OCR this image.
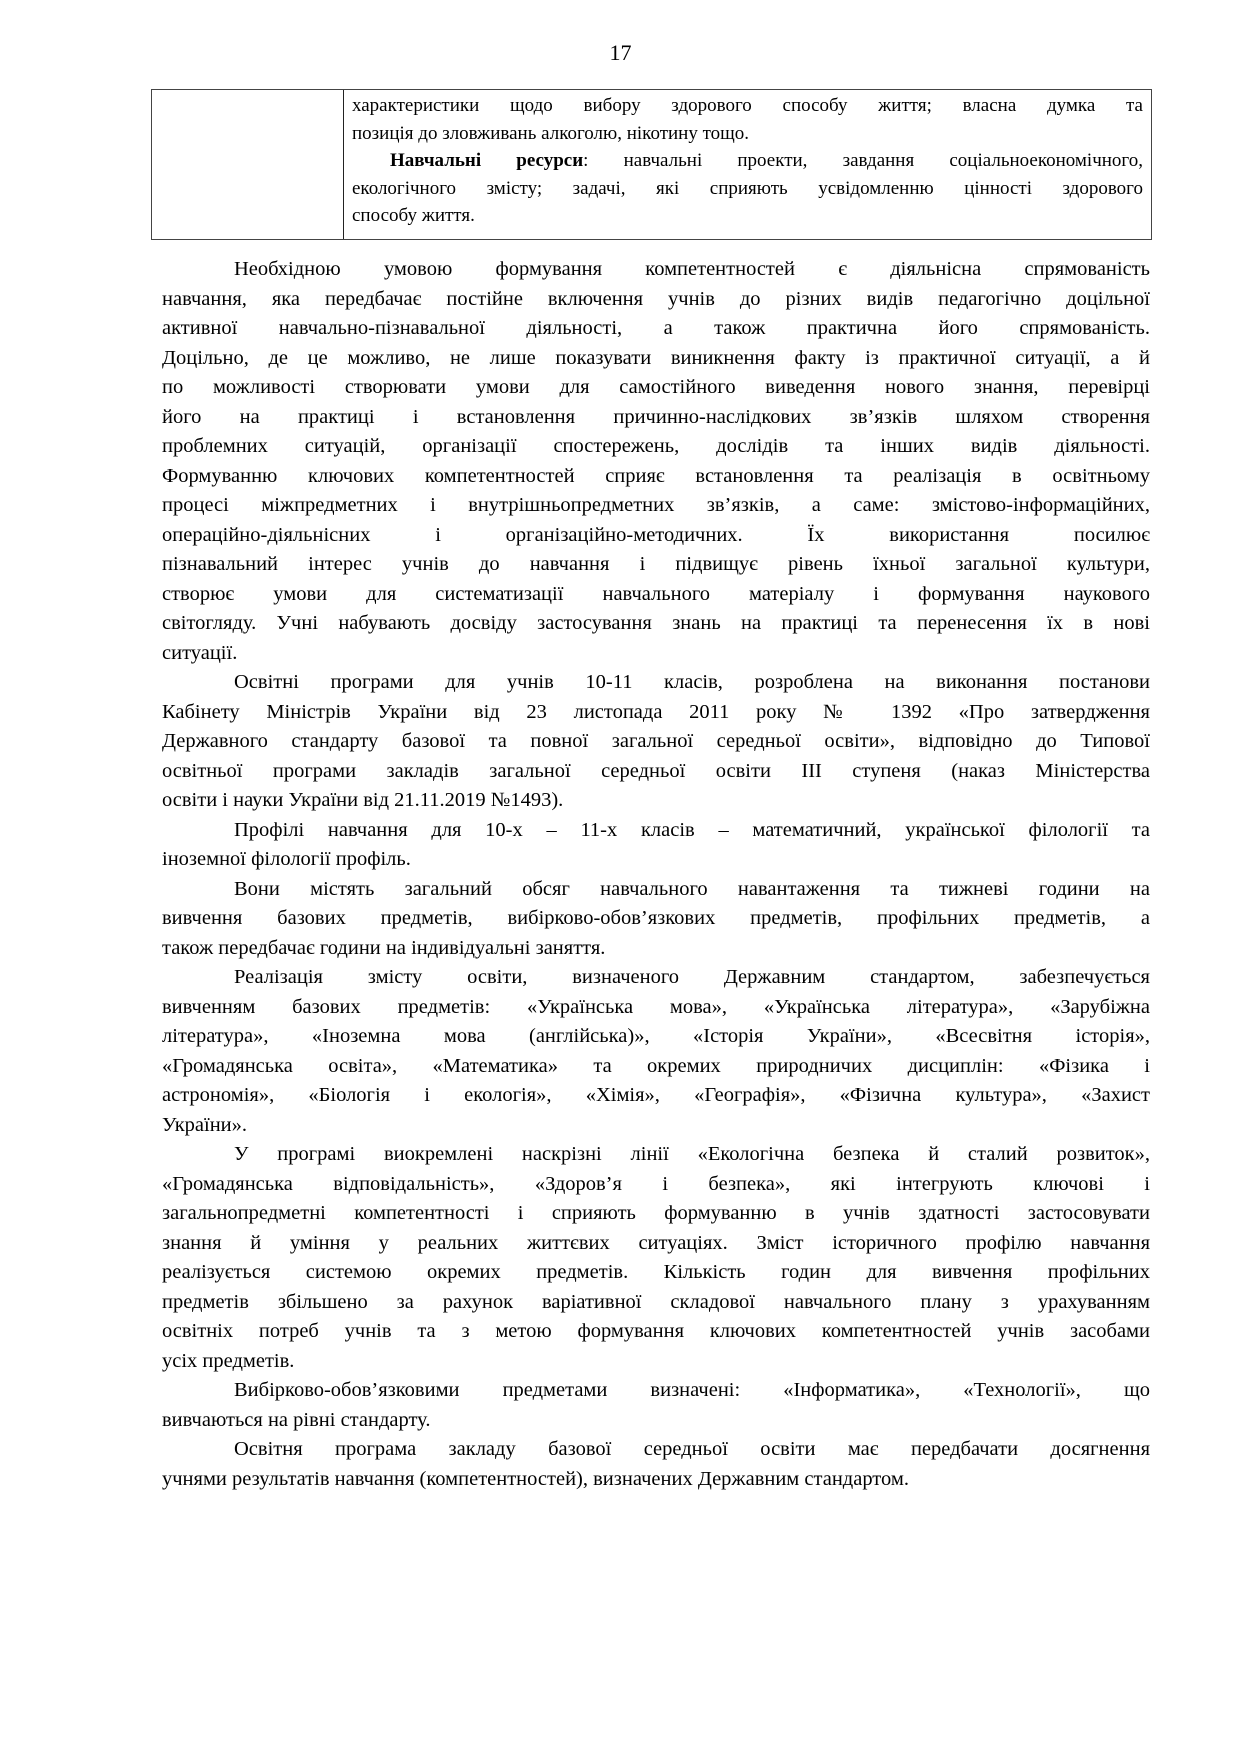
17
характеристики щодо вибору здорового способу життя; власна думка та
позиція до зловживань алкоголю, нікотину тощо.
Навчальні ресурси: навчальні проекти, завдання соціальноекономічного,
екологічного змісту; задачі, які сприяють усвідомленню цінності здорового
способу життя.
Необхідною умовою формування компетентностей є діяльнісна спрямованість
навчання, яка передбачає постійне включення учнів до різних видів педагогічно доцільної
активної навчально-пізнавальної діяльності, а також практична його спрямованість.
Доцільно, де це можливо, не лише показувати виникнення факту із практичної ситуації, а й
по можливості створювати умови для самостійного виведення нового знання, перевірці
його на практиці і встановлення причинно-наслідкових зв’язків шляхом створення
проблемних ситуацій, організації спостережень, дослідів та інших видів діяльності.
Формуванню ключових компетентностей сприяє встановлення та реалізація в освітньому
процесі міжпредметних і внутрішньопредметних зв’язків, а саме: змістово-інформаційних,
операційно-діяльнісних і організаційно-методичних. Їх використання посилює
пізнавальний інтерес учнів до навчання і підвищує рівень їхньої загальної культури,
створює умови для систематизації навчального матеріалу і формування наукового
світогляду. Учні набувають досвіду застосування знань на практиці та перенесення їх в нові
ситуації.
Освітні програми для учнів 10-11 класів, розроблена на виконання постанови
Кабінету Міністрів України від 23 листопада 2011 року № 1392 «Про затвердження
Державного стандарту базової та повної загальної середньої освіти», відповідно до Типової
освітньої програми закладів загальної середньої освіти ІІІ ступеня (наказ Міністерства
освіти і науки України від 21.11.2019 №1493).
Профілі навчання для 10-х – 11-х класів – математичний, української філології та
іноземної філології профіль.
Вони містять загальний обсяг навчального навантаження та тижневі години на
вивчення базових предметів, вибірково-обов’язкових предметів, профільних предметів, а
також передбачає години на індивідуальні заняття.
Реалізація змісту освіти, визначеного Державним стандартом, забезпечується
вивченням базових предметів: «Українська мова», «Українська література», «Зарубіжна
література», «Іноземна мова (англійська)», «Історія України», «Всесвітня історія»,
«Громадянська освіта», «Математика» та окремих природничих дисциплін: «Фізика і
астрономія», «Біологія і екологія», «Хімія», «Географія», «Фізична культура», «Захист
України».
У програмі виокремлені наскрізні лінії «Екологічна безпека й сталий розвиток»,
«Громадянська відповідальність», «Здоров’я і безпека», які інтегрують ключові і
загальнопредметні компетентності і сприяють формуванню в учнів здатності застосовувати
знання й уміння у реальних життєвих ситуаціях. Зміст історичного профілю навчання
реалізується системою окремих предметів. Кількість годин для вивчення профільних
предметів збільшено за рахунок варіативної складової навчального плану з урахуванням
освітніх потреб учнів та з метою формування ключових компетентностей учнів засобами
усіх предметів.
Вибірково-обов’язковими предметами визначені: «Інформатика», «Технології», що
вивчаються на рівні стандарту.
Освітня програма закладу базової середньої освіти має передбачати досягнення
учнями результатів навчання (компетентностей), визначених Державним стандартом.
